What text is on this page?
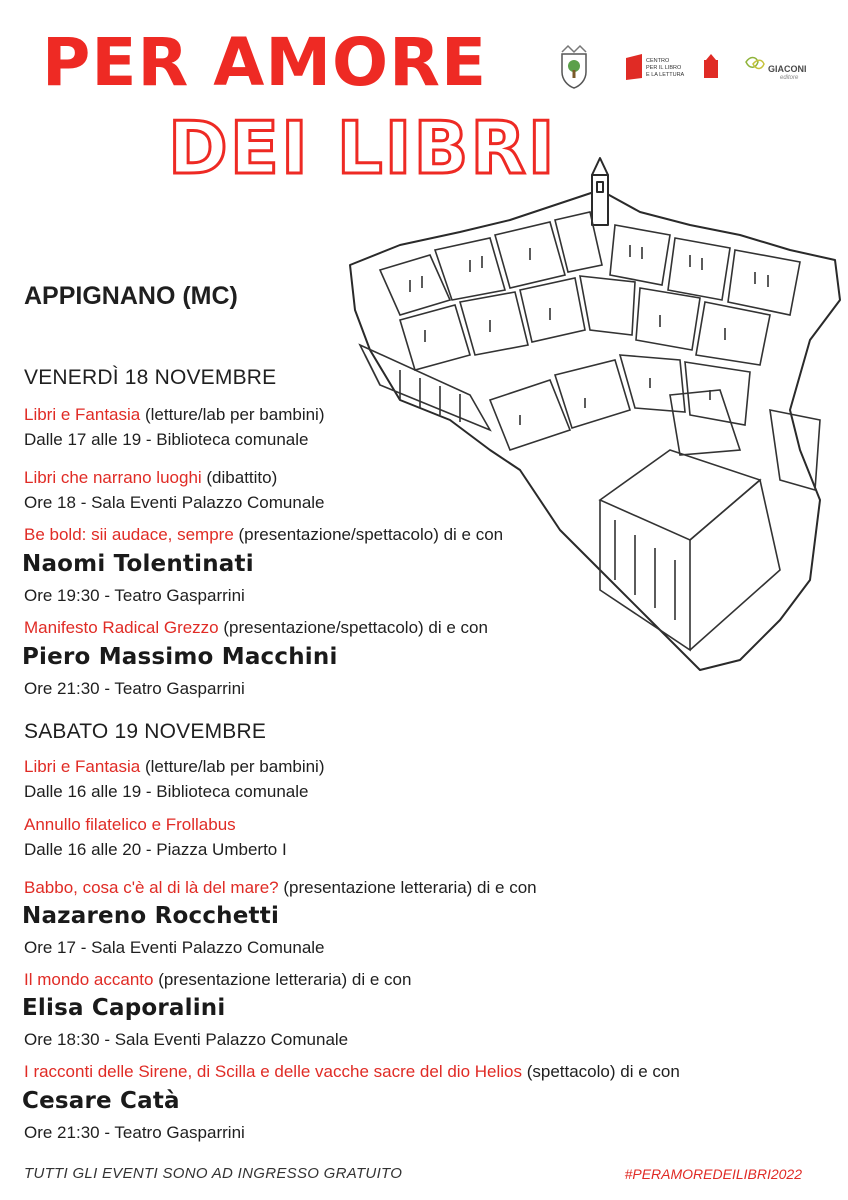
PER AMORE
DEI LIBRI
CENTRO
PER IL LIBRO
E LA LETTURA
GIACONI
editore
APPIGNANO (MC)
VENERDÌ 18 NOVEMBRE
Libri e Fantasia (letture/lab per bambini)
Dalle 17 alle 19 - Biblioteca comunale
Libri che narrano luoghi (dibattito)
Ore 18 - Sala Eventi Palazzo Comunale
Be bold: sii audace, sempre (presentazione/spettacolo) di e con
Naomi Tolentinati
Ore 19:30 - Teatro Gasparrini
Manifesto Radical Grezzo (presentazione/spettacolo) di e con
Piero Massimo Macchini
Ore 21:30 - Teatro Gasparrini
SABATO 19 NOVEMBRE
Libri e Fantasia (letture/lab per bambini)
Dalle 16 alle 19 - Biblioteca comunale
Annullo filatelico e Frollabus
Dalle 16 alle 20 - Piazza Umberto I
Babbo, cosa c'è al di là del mare? (presentazione letteraria) di e con
Nazareno Rocchetti
Ore 17 - Sala Eventi Palazzo Comunale
Il mondo accanto (presentazione letteraria) di e con
Elisa Caporalini
Ore 18:30 - Sala Eventi Palazzo Comunale
I racconti delle Sirene, di Scilla e delle vacche sacre del dio Helios (spettacolo) di e con
Cesare Catà
Ore 21:30 - Teatro Gasparrini
TUTTI GLI EVENTI SONO AD INGRESSO GRATUITO	#PERAMOREDEILIBRI2022
